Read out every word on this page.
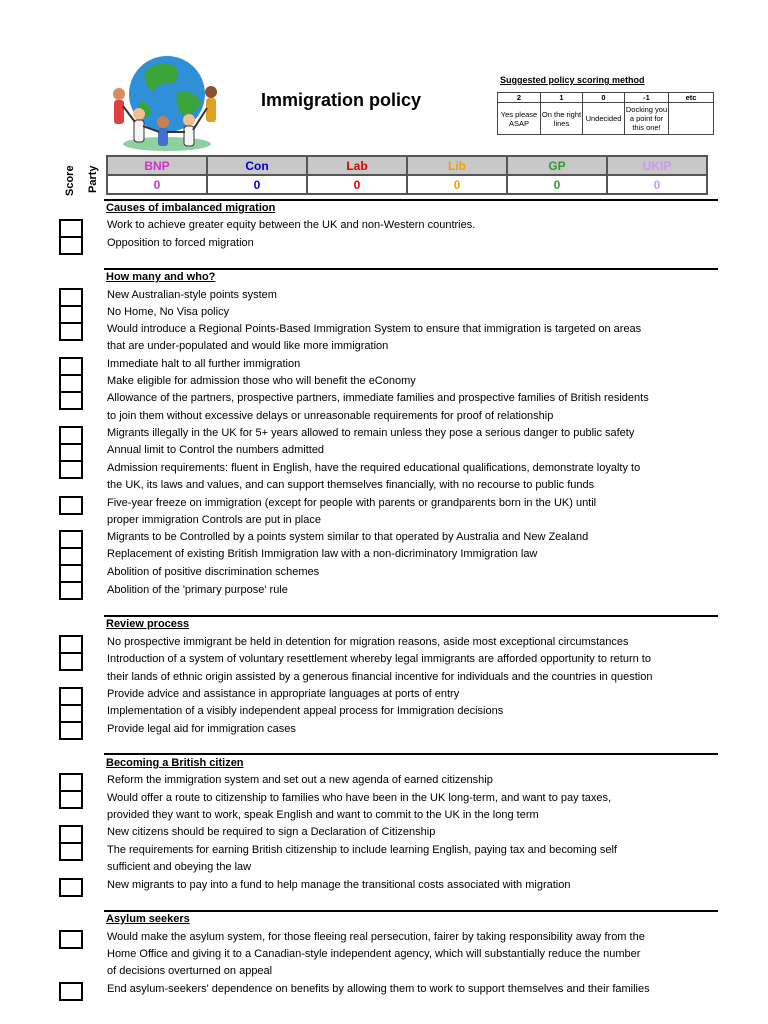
Immigration policy
Suggested policy scoring method
2	1	0	-1	etc
Yes please ASAP	On the right lines	Undecided	Docking you a point for this one!	
Score Party	BNP	Con	Lab	Lib	GP	UKIP
0	0	0	0	0	0
Causes of imbalanced migration
Work to achieve greater equity between the UK and non-Western countries.
Opposition to forced migration
How many and who?
New Australian-style points system
No Home, No Visa policy
Would introduce a Regional Points-Based Immigration System to ensure that immigration is targeted on areas
that are under-populated and would like more immigration
Immediate halt to all further immigration
Make eligible for admission those who will benefit the eConomy
Allowance of the partners, prospective partners, immediate families and prospective families of British residents
to join them without excessive delays or unreasonable requirements for proof of relationship
Migrants illegally in the UK for 5+ years allowed to remain unless they pose a serious danger to public safety
Annual limit to Control the numbers admitted
Admission requirements: fluent in English, have the required educational qualifications, demonstrate loyalty to
the UK, its laws and values, and can support themselves financially, with no recourse to public funds
Five-year freeze on immigration (except for people with parents or grandparents born in the UK) until
proper immigration Controls are put in place
Migrants to be Controlled by a points system similar to that operated by Australia and New Zealand
Replacement of existing British Immigration law with a non-dicriminatory Immigration law
Abolition of positive discrimination schemes
Abolition of the 'primary purpose' rule
Review process
No prospective immigrant be held in detention for migration reasons, aside most exceptional circumstances
Introduction of a system of voluntary resettlement whereby legal immigrants are afforded opportunity to return to
their lands of ethnic origin assisted by a generous financial incentive for individuals and the countries in question
Provide advice and assistance in appropriate languages at ports of entry
Implementation of a visibly independent appeal process for Immigration decisions
Provide legal aid for immigration cases
Becoming a British citizen
Reform the immigration system and set out a new agenda of earned citizenship
Would offer a route to citizenship to families who have been in the UK long-term, and want to pay taxes,
provided they want to work, speak English and want to commit to the UK in the long term
New citizens should be required to sign a Declaration of Citizenship
The requirements for earning British citizenship to include learning English, paying tax and becoming self
sufficient and obeying the law
New migrants to pay into a fund to help manage the transitional costs associated with migration
Asylum seekers
Would make the asylum system, for those fleeing real persecution, fairer by taking responsibility away from the
Home Office and giving it to a Canadian-style independent agency, which will substantially reduce the number
of decisions overturned on appeal
End asylum-seekers' dependence on benefits by allowing them to work to support themselves and their families
